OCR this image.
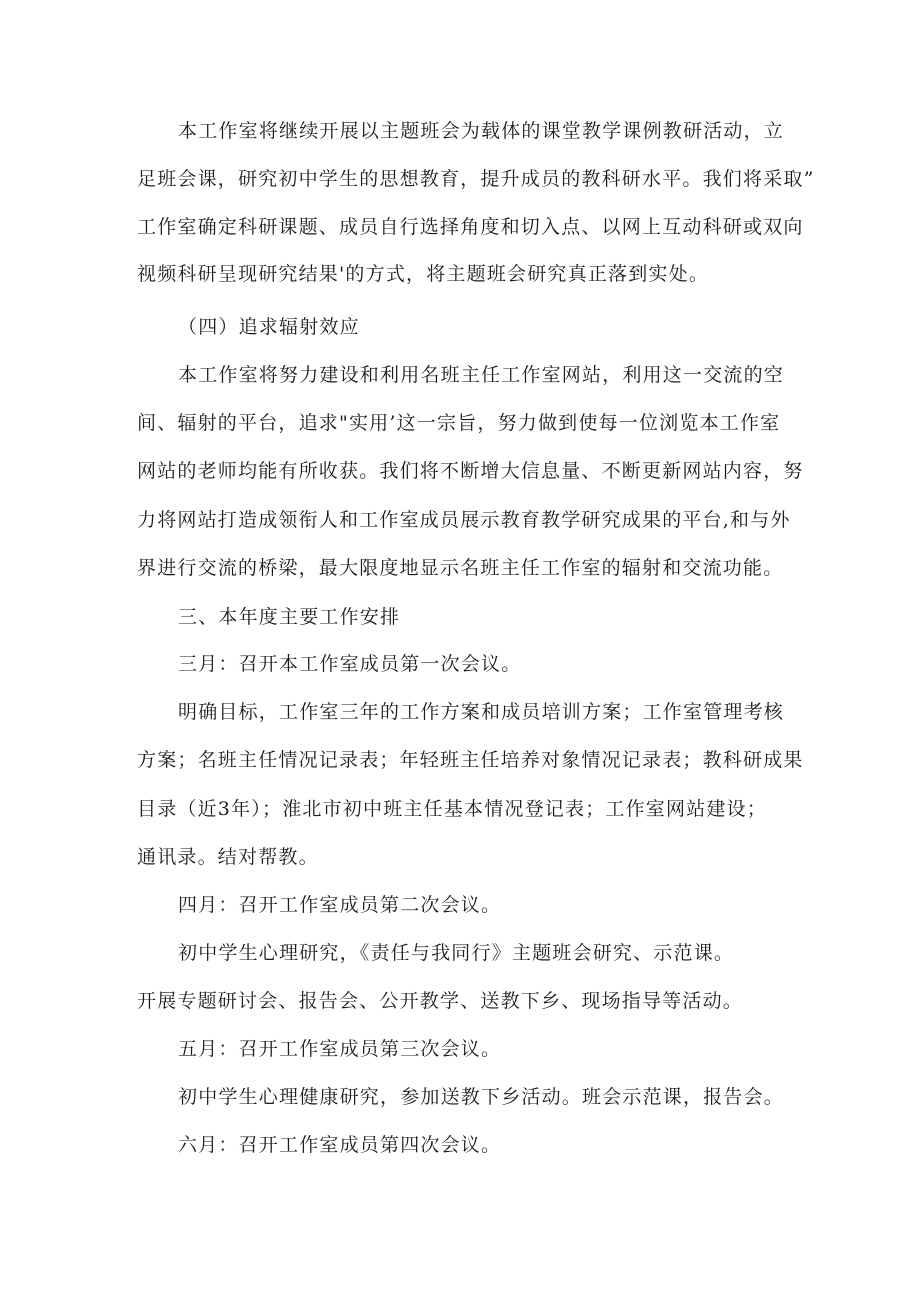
本工作室将继续开展以主题班会为载体的课堂教学课例教研活动，立
足班会课，研究初中学生的思想教育，提升成员的教科研水平。我们将采取”
工作室确定科研课题、成员自行选择角度和切入点、以网上互动科研或双向
视频科研呈现研究结果'的方式，将主题班会研究真正落到实处。
（四）追求辐射效应
本工作室将努力建设和利用名班主任工作室网站，利用这一交流的空
间、辐射的平台，追求"实用’这一宗旨，努力做到使每一位浏览本工作室
网站的老师均能有所收获。我们将不断增大信息量、不断更新网站内容，努
力将网站打造成领衔人和工作室成员展示教育教学研究成果的平台,和与外
界进行交流的桥梁，最大限度地显示名班主任工作室的辐射和交流功能。
三、本年度主要工作安排
三月：召开本工作室成员第一次会议。
明确目标，工作室三年的工作方案和成员培训方案；工作室管理考核
方案；名班主任情况记录表；年轻班主任培养对象情况记录表；教科研成果
目录（近3年）；淮北市初中班主任基本情况登记表；工作室网站建设；
通讯录。结对帮教。
四月：召开工作室成员第二次会议。
初中学生心理研究，《责任与我同行》主题班会研究、示范课。
开展专题研讨会、报告会、公开教学、送教下乡、现场指导等活动。
五月：召开工作室成员第三次会议。
初中学生心理健康研究，参加送教下乡活动。班会示范课，报告会。
六月：召开工作室成员第四次会议。
